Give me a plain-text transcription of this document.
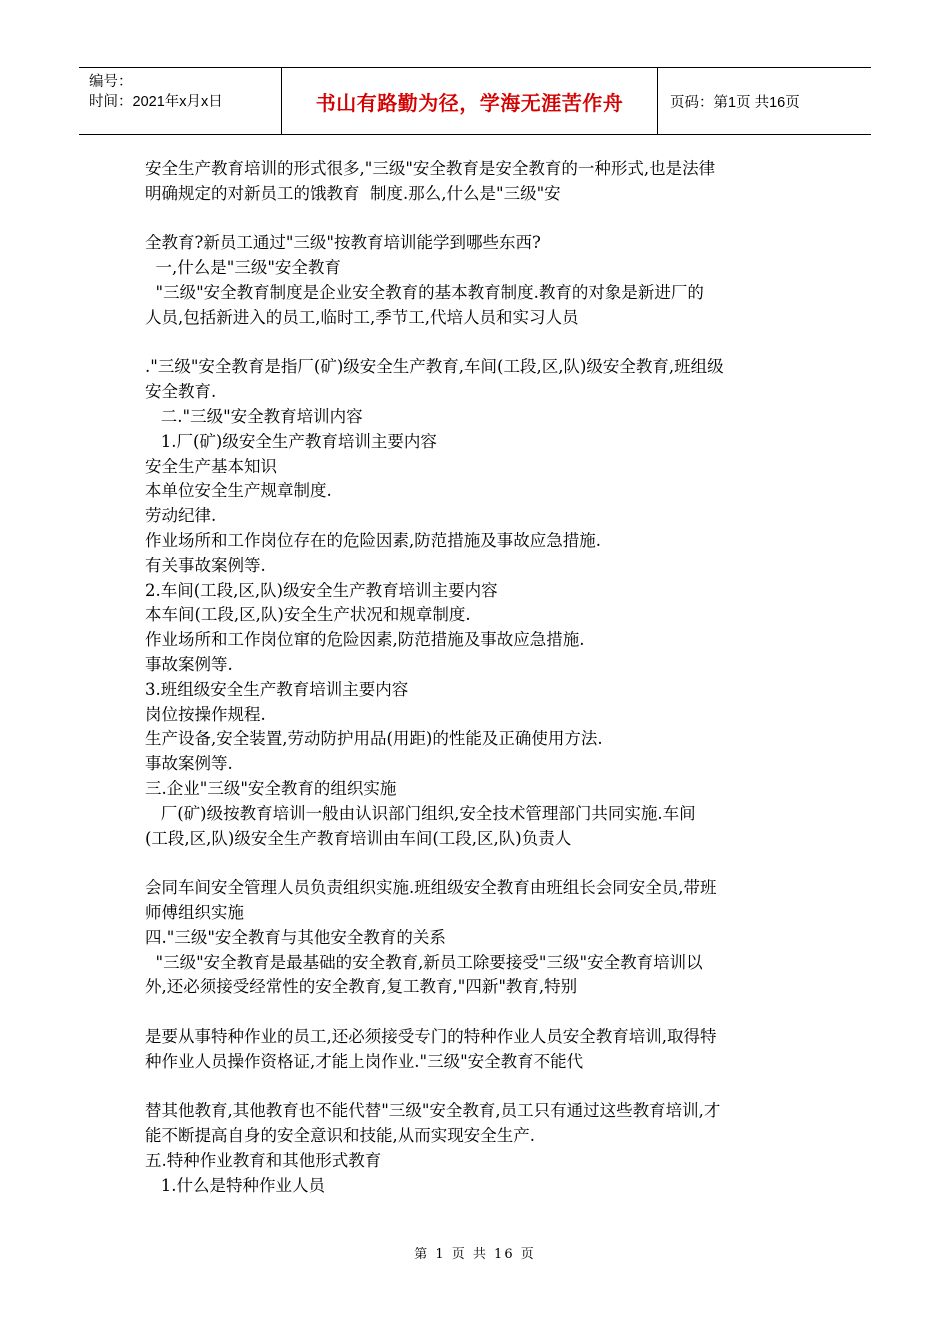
编号：
时间：2021年x月x日	书山有路勤为径，学海无涯苦作舟	页码：第1页 共16页
安全生产教育培训的形式很多,"三级"安全教育是安全教育的一种形式,也是法律
明确规定的对新员工的饿教育  制度.那么,什么是"三级"安
全教育?新员工通过"三级"按教育培训能学到哪些东西?
一,什么是"三级"安全教育
"三级"安全教育制度是企业安全教育的基本教育制度.教育的对象是新进厂的
人员,包括新进入的员工,临时工,季节工,代培人员和实习人员
."三级"安全教育是指厂(矿)级安全生产教育,车间(工段,区,队)级安全教育,班组级
安全教育.
二."三级"安全教育培训内容
1.厂(矿)级安全生产教育培训主要内容
安全生产基本知识
本单位安全生产规章制度.
劳动纪律.
作业场所和工作岗位存在的危险因素,防范措施及事故应急措施.
有关事故案例等.
2.车间(工段,区,队)级安全生产教育培训主要内容
本车间(工段,区,队)安全生产状况和规章制度.
作业场所和工作岗位窜的危险因素,防范措施及事故应急措施.
事故案例等.
3.班组级安全生产教育培训主要内容
岗位按操作规程.
生产设备,安全装置,劳动防护用品(用距)的性能及正确使用方法.
事故案例等.
三.企业"三级"安全教育的组织实施
厂(矿)级按教育培训一般由认识部门组织,安全技术管理部门共同实施.车间
(工段,区,队)级安全生产教育培训由车间(工段,区,队)负责人
会同车间安全管理人员负责组织实施.班组级安全教育由班组长会同安全员,带班
师傅组织实施
四."三级"安全教育与其他安全教育的关系
"三级"安全教育是最基础的安全教育,新员工除要接受"三级"安全教育培训以
外,还必须接受经常性的安全教育,复工教育,"四新"教育,特别
是要从事特种作业的员工,还必须接受专门的特种作业人员安全教育培训,取得特
种作业人员操作资格证,才能上岗作业."三级"安全教育不能代
替其他教育,其他教育也不能代替"三级"安全教育,员工只有通过这些教育培训,才
能不断提高自身的安全意识和技能,从而实现安全生产.
五.特种作业教育和其他形式教育
1.什么是特种作业人员
第 1 页 共 16 页
